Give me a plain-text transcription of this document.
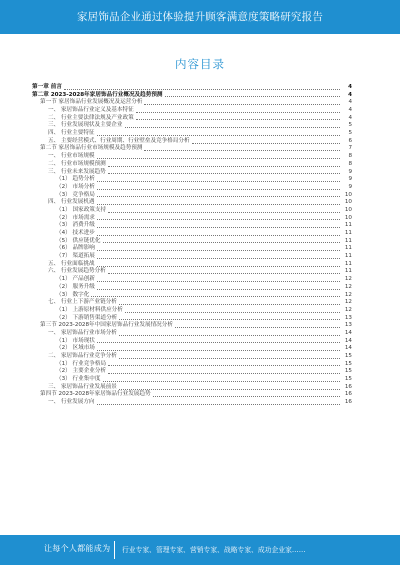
家居饰品企业通过体验提升顾客满意度策略研究报告
内容目录
第一章 前言	4
第二章 2023-2028年家居饰品行业概况及趋势预测	4
第一节 家居饰品行业发展概况及运营分析	4
一、 家居饰品行业定义及基本特征	4
二、 行业主要法律法规及产业政策	4
三、 行业发展现状及主要企业	5
四、 行业主要特征	5
五、 主要经营模式、行业周期、行业壁垒及竞争格局分析	6
第二节 家居饰品行业市场规模及趋势预测	7
一、 行业市场规模	8
二、 行业市场规模预测	8
三、 行业未来发展趋势	9
（1） 趋势分析	9
（2） 市场分析	9
（3） 竞争格局	10
四、 行业发展机遇	10
（1） 国家政策支持	10
（2） 市场需求	10
（3） 消费升级	11
（4） 技术进步	11
（5） 供应链优化	11
（6） 品牌影响	11
（7） 渠道拓展	11
五、 行业面临挑战	11
六、 行业发展趋势分析	11
（1） 产品创新	12
（2） 服务升级	12
（3） 数字化	12
七、 行业上下游产业链分析	12
（1） 上游原材料供应分析	12
（2） 下游销售渠道分析	13
第三节 2023-2028年中国家居饰品行业发展情况分析	13
一、 家居饰品行业市场分析	14
（1） 市场现状	14
（2） 区域市场	14
二、 家居饰品行业竞争分析	15
（1） 行业竞争格局	15
（2） 主要企业分析	15
（3） 行业集中度	15
三、 家居饰品行业发展前景	16
第四节 2023-2028年家居饰品行业发展趋势	16
一、 行业发展方向	16
让每个人都能成为 行业专家、管理专家、营销专家、战略专家、成功企业家……
